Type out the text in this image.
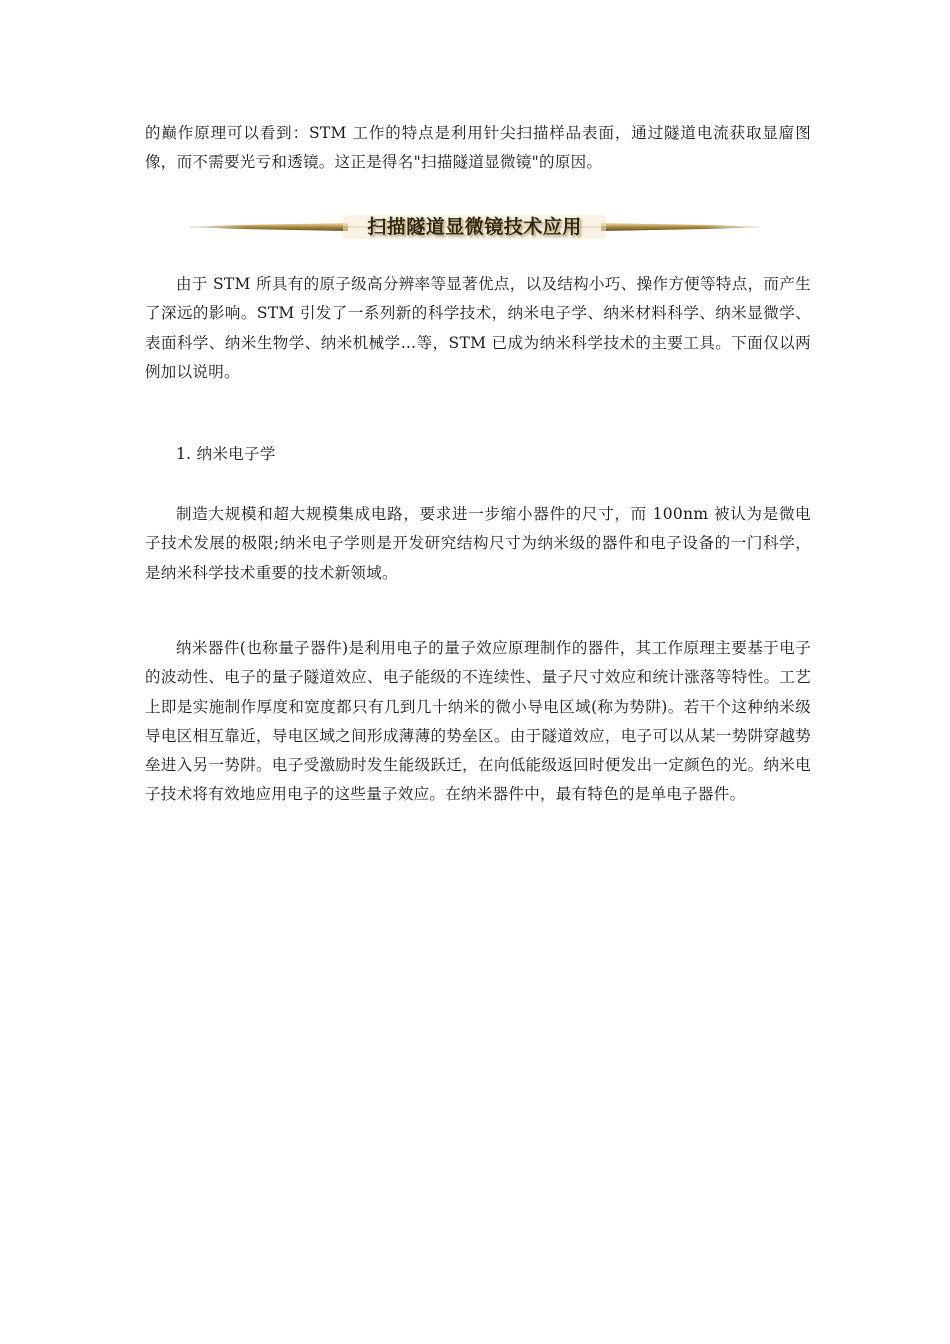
的巅作原理可以看到：STM 工作的特点是利用针尖扫描样品表面，通过隧道电流获取显廇图像，而不需要光亏和透镜。这正是得名"扫描隧道显微镜"的原因。

扫描隧道显微镜技术应用

由于 STM 所具有的原子级高分辨率等显著优点，以及结构小巧、操作方便等特点，而产生了深远的影响。STM 引发了一系列新的科学技术，纳米电子学、纳米材料科学、纳米显微学、表面科学、纳米生物学、纳米机械学…等，STM 已成为纳米科学技术的主要工具。下面仅以两例加以说明。

1. 纳米电子学

制造大规模和超大规模集成电路，要求进一步缩小器件的尺寸，而 100nm 被认为是微电子技术发展的极限;纳米电子学则是开发研究结构尺寸为纳米级的器件和电子设备的一门科学，是纳米科学技术重要的技术新领域。

纳米器件(也称量子器件)是利用电子的量子效应原理制作的器件，其工作原理主要基于电子的波动性、电子的量子隧道效应、电子能级的不连续性、量子尺寸效应和统计涨落等特性。工艺上即是实施制作厚度和宽度都只有几到几十纳米的微小导电区域(称为势阱)。若干个这种纳米级导电区相互靠近，导电区域之间形成薄薄的势垒区。由于隧道效应，电子可以从某一势阱穿越势垒进入另一势阱。电子受激励时发生能级跃迁，在向低能级返回时便发出一定颜色的光。纳米电子技术将有效地应用电子的这些量子效应。在纳米器件中，最有特色的是单电子器件。
